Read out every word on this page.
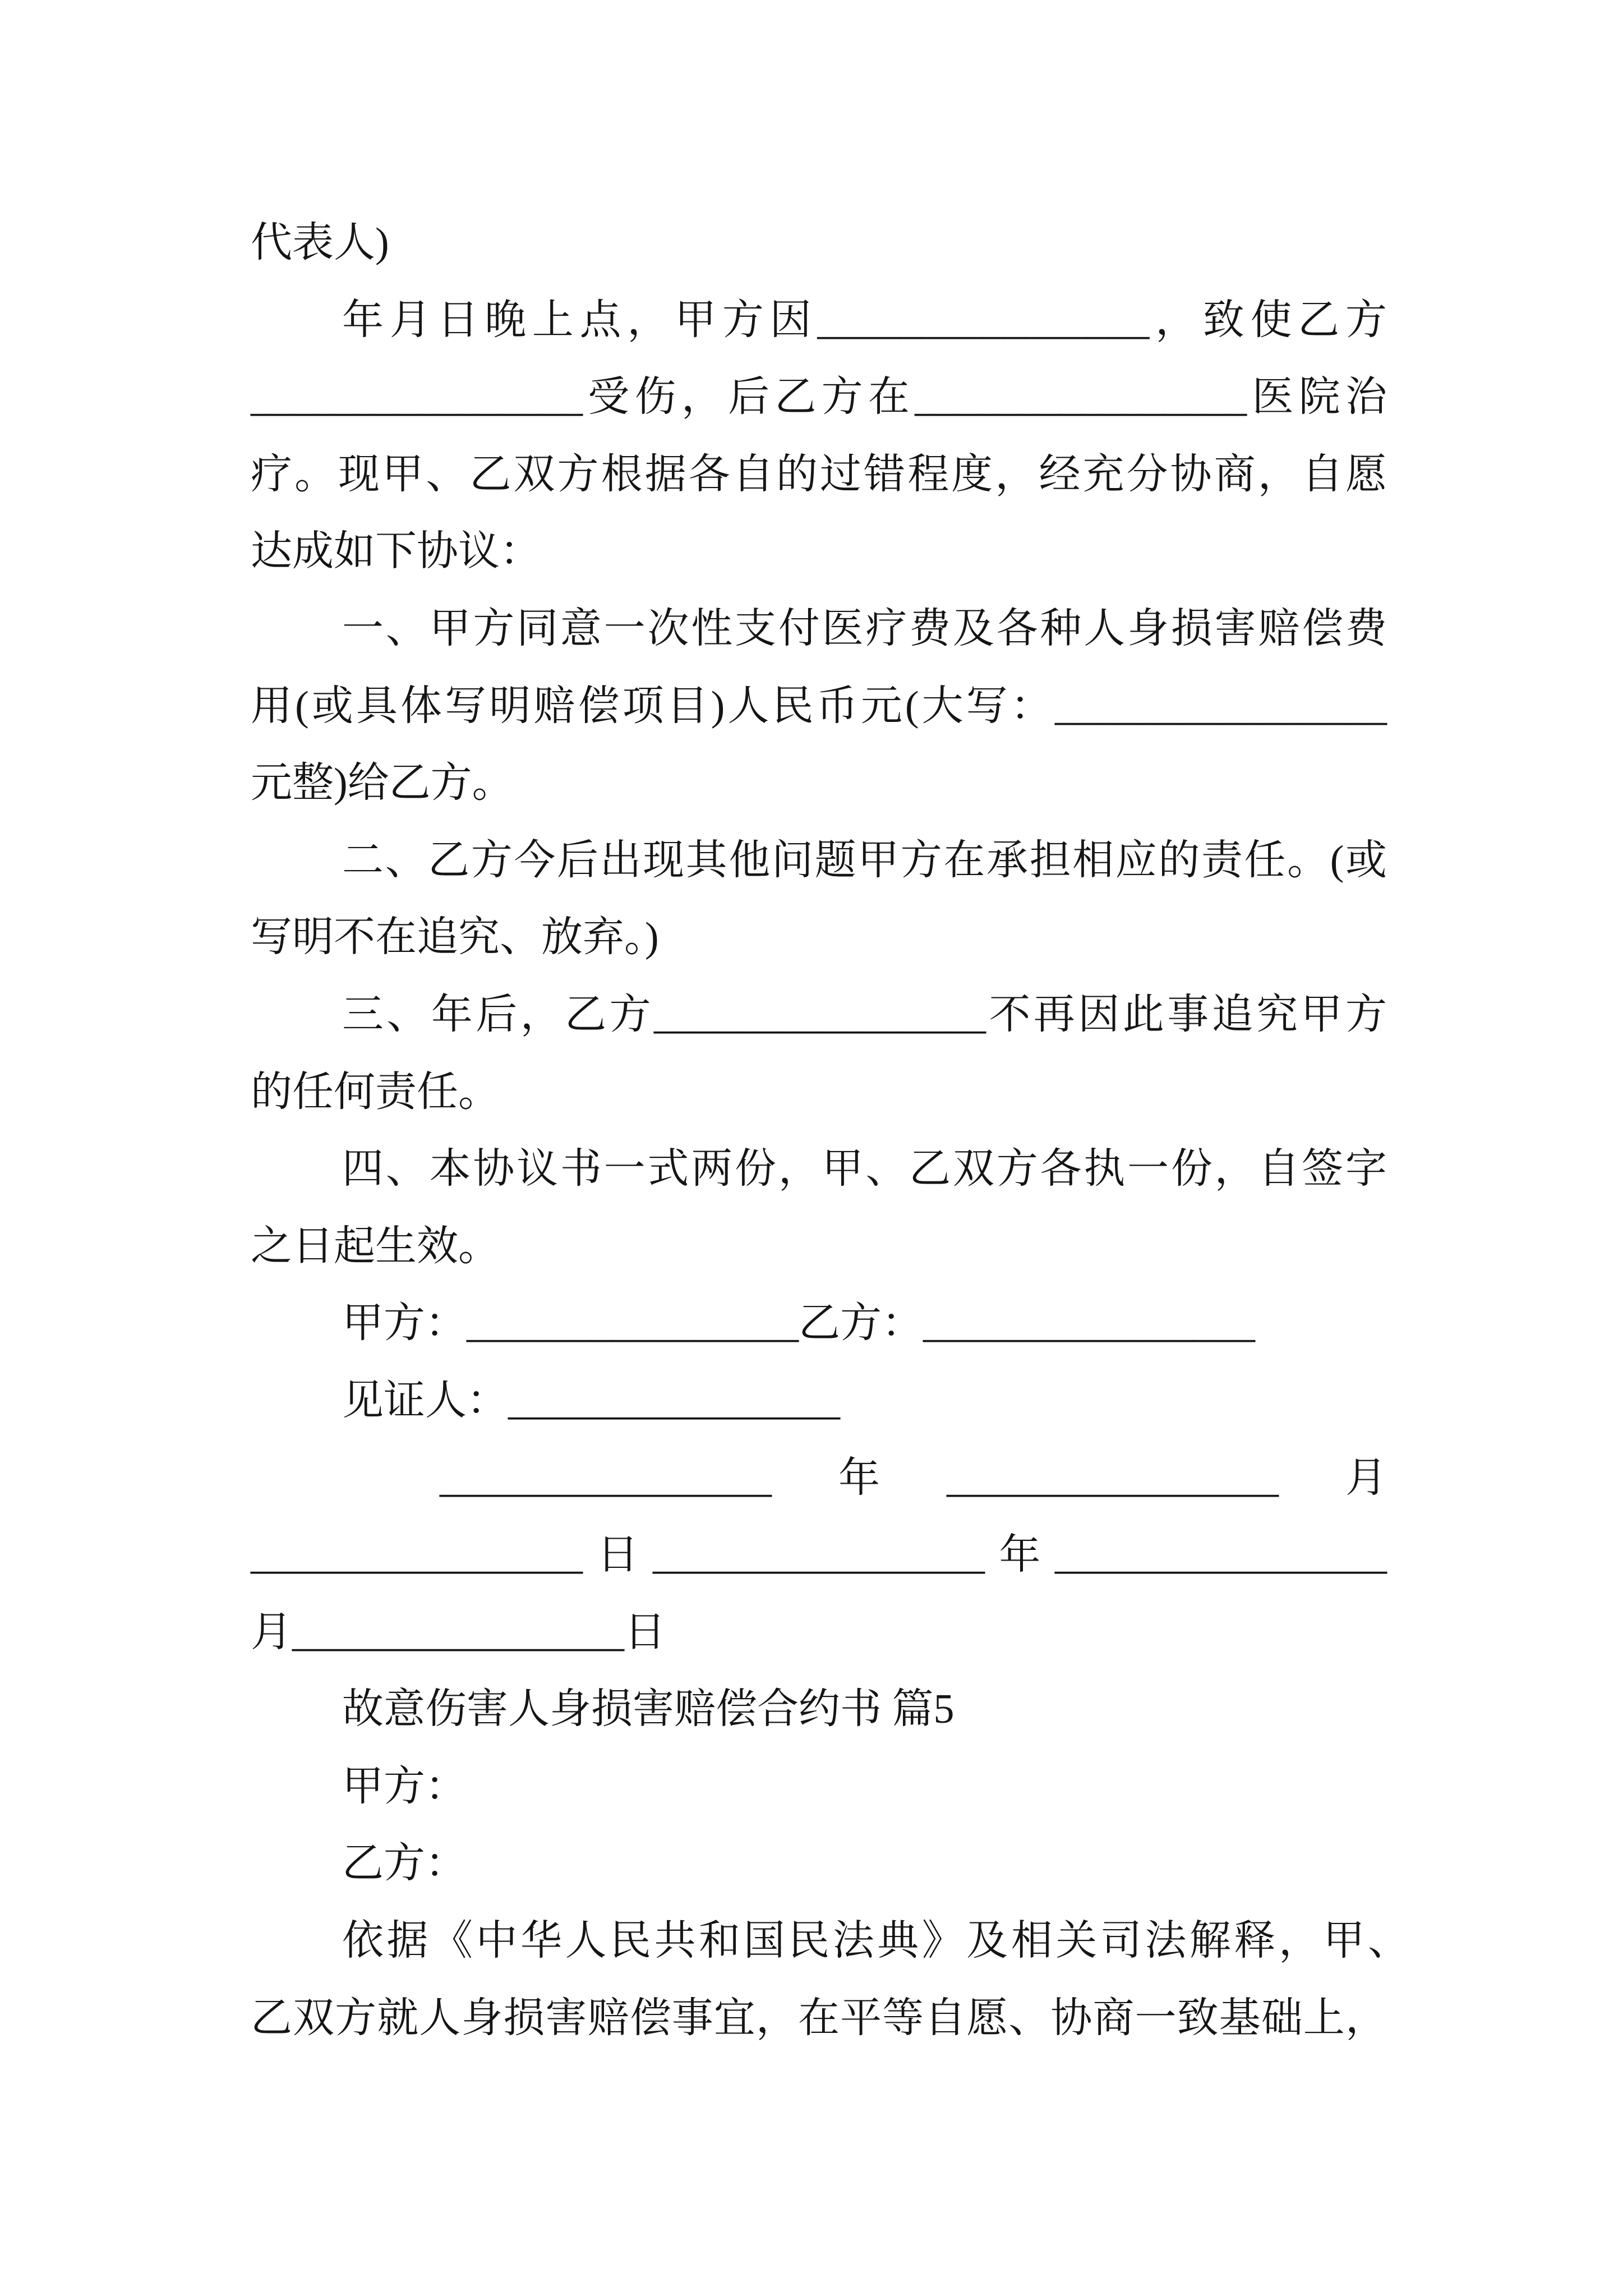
代表人)
年月日晚上点，甲方因________________，致使乙方
________________受伤，后乙方在________________医院治
疗。现甲、乙双方根据各自的过错程度，经充分协商，自愿
达成如下协议：
一、甲方同意一次性支付医疗费及各种人身损害赔偿费
用(或具体写明赔偿项目)人民币元(大写：________________
元整)给乙方。
二、乙方今后出现其他问题甲方在承担相应的责任。(或
写明不在追究、放弃。)
三、年后，乙方________________不再因此事追究甲方
的任何责任。
四、本协议书一式两份，甲、乙双方各执一份，自签字
之日起生效。
甲方：________________乙方：________________
见证人：________________
________________ 年 ________________ 月
________________日________________年________________
月________________日
故意伤害人身损害赔偿合约书 篇5
甲方：
乙方：
依据《中华人民共和国民法典》及相关司法解释，甲、
乙双方就人身损害赔偿事宜，在平等自愿、协商一致基础上，
